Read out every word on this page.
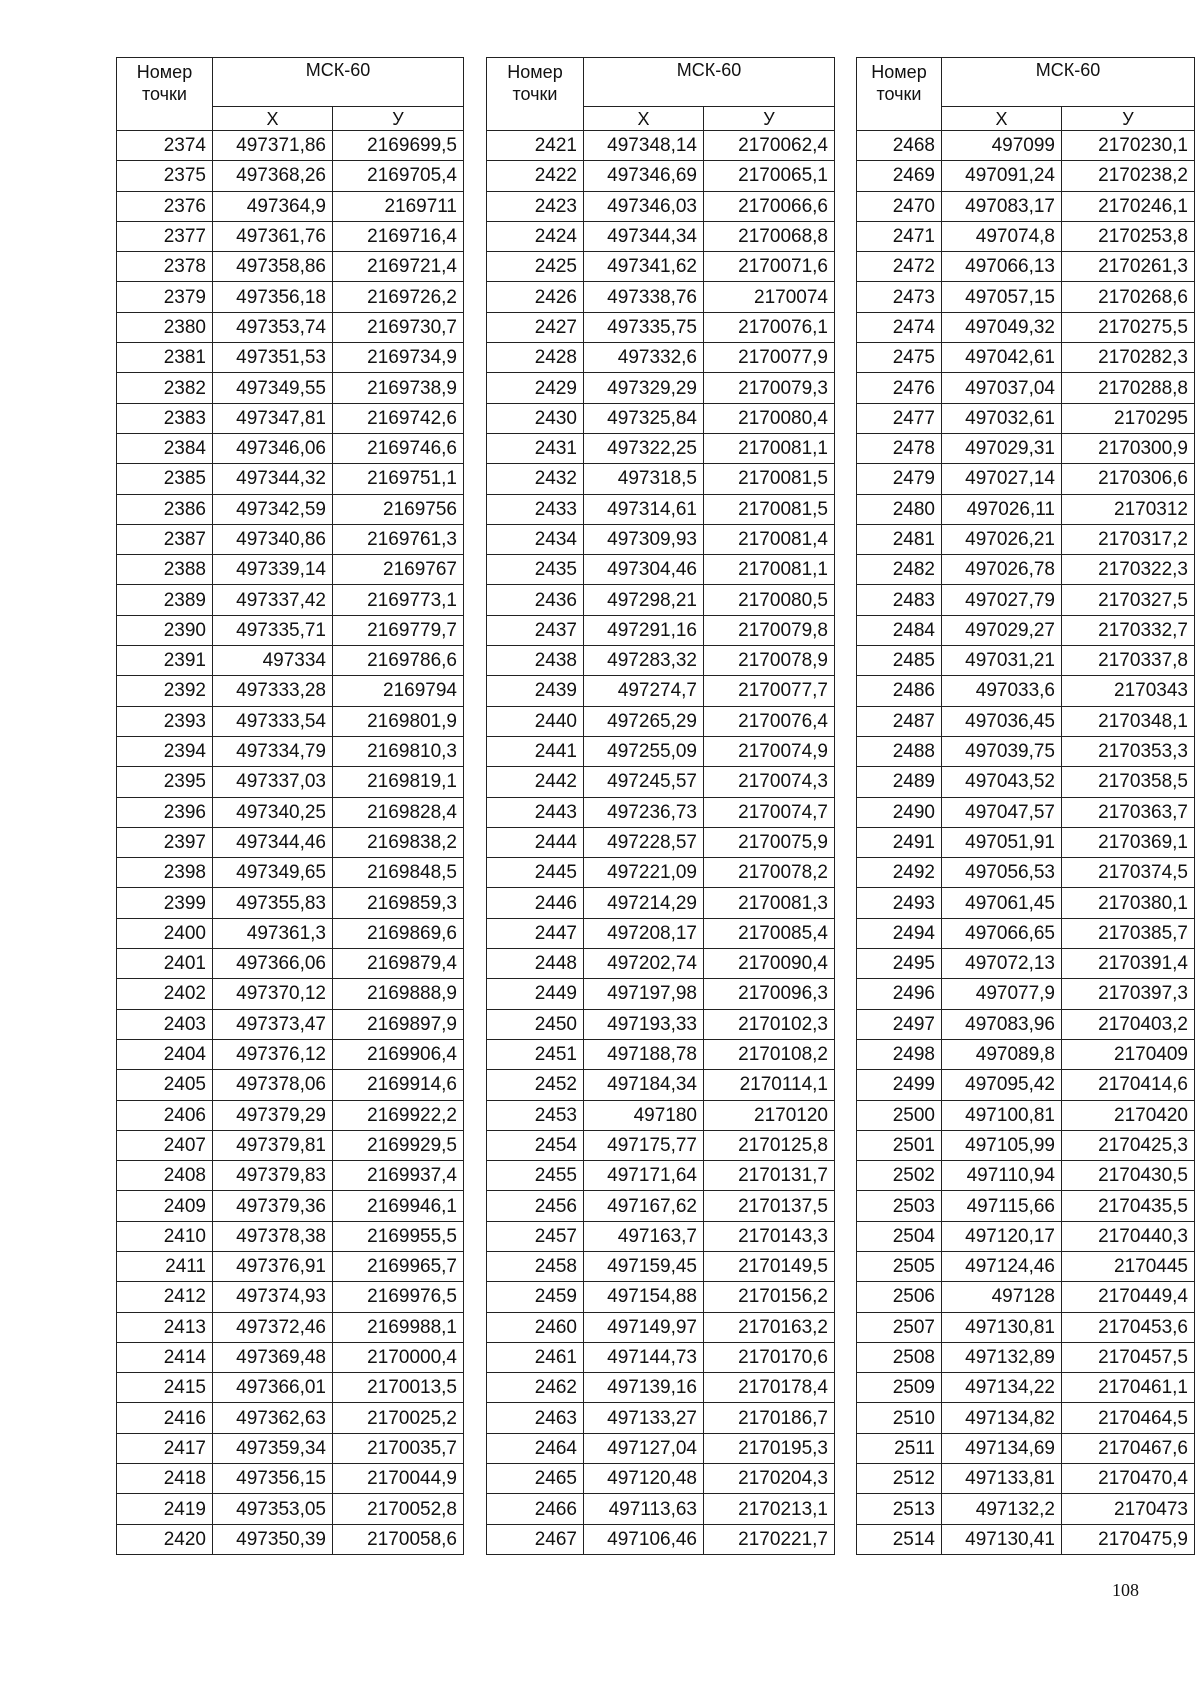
Номер точки	МСК-60	
	Х	У
2374	497371,86	2169699,5
2375	497368,26	2169705,4
2376	497364,9	2169711
2377	497361,76	2169716,4
2378	497358,86	2169721,4
2379	497356,18	2169726,2
2380	497353,74	2169730,7
2381	497351,53	2169734,9
2382	497349,55	2169738,9
2383	497347,81	2169742,6
2384	497346,06	2169746,6
2385	497344,32	2169751,1
2386	497342,59	2169756
2387	497340,86	2169761,3
2388	497339,14	2169767
2389	497337,42	2169773,1
2390	497335,71	2169779,7
2391	497334	2169786,6
2392	497333,28	2169794
2393	497333,54	2169801,9
2394	497334,79	2169810,3
2395	497337,03	2169819,1
2396	497340,25	2169828,4
2397	497344,46	2169838,2
2398	497349,65	2169848,5
2399	497355,83	2169859,3
2400	497361,3	2169869,6
2401	497366,06	2169879,4
2402	497370,12	2169888,9
2403	497373,47	2169897,9
2404	497376,12	2169906,4
2405	497378,06	2169914,6
2406	497379,29	2169922,2
2407	497379,81	2169929,5
2408	497379,83	2169937,4
2409	497379,36	2169946,1
2410	497378,38	2169955,5
2411	497376,91	2169965,7
2412	497374,93	2169976,5
2413	497372,46	2169988,1
2414	497369,48	2170000,4
2415	497366,01	2170013,5
2416	497362,63	2170025,2
2417	497359,34	2170035,7
2418	497356,15	2170044,9
2419	497353,05	2170052,8
2420	497350,39	2170058,6
Номер точки	МСК-60	
	Х	У
2421	497348,14	2170062,4
2422	497346,69	2170065,1
2423	497346,03	2170066,6
2424	497344,34	2170068,8
2425	497341,62	2170071,6
2426	497338,76	2170074
2427	497335,75	2170076,1
2428	497332,6	2170077,9
2429	497329,29	2170079,3
2430	497325,84	2170080,4
2431	497322,25	2170081,1
2432	497318,5	2170081,5
2433	497314,61	2170081,5
2434	497309,93	2170081,4
2435	497304,46	2170081,1
2436	497298,21	2170080,5
2437	497291,16	2170079,8
2438	497283,32	2170078,9
2439	497274,7	2170077,7
2440	497265,29	2170076,4
2441	497255,09	2170074,9
2442	497245,57	2170074,3
2443	497236,73	2170074,7
2444	497228,57	2170075,9
2445	497221,09	2170078,2
2446	497214,29	2170081,3
2447	497208,17	2170085,4
2448	497202,74	2170090,4
2449	497197,98	2170096,3
2450	497193,33	2170102,3
2451	497188,78	2170108,2
2452	497184,34	2170114,1
2453	497180	2170120
2454	497175,77	2170125,8
2455	497171,64	2170131,7
2456	497167,62	2170137,5
2457	497163,7	2170143,3
2458	497159,45	2170149,5
2459	497154,88	2170156,2
2460	497149,97	2170163,2
2461	497144,73	2170170,6
2462	497139,16	2170178,4
2463	497133,27	2170186,7
2464	497127,04	2170195,3
2465	497120,48	2170204,3
2466	497113,63	2170213,1
2467	497106,46	2170221,7
Номер точки	МСК-60	
	Х	У
2468	497099	2170230,1
2469	497091,24	2170238,2
2470	497083,17	2170246,1
2471	497074,8	2170253,8
2472	497066,13	2170261,3
2473	497057,15	2170268,6
2474	497049,32	2170275,5
2475	497042,61	2170282,3
2476	497037,04	2170288,8
2477	497032,61	2170295
2478	497029,31	2170300,9
2479	497027,14	2170306,6
2480	497026,11	2170312
2481	497026,21	2170317,2
2482	497026,78	2170322,3
2483	497027,79	2170327,5
2484	497029,27	2170332,7
2485	497031,21	2170337,8
2486	497033,6	2170343
2487	497036,45	2170348,1
2488	497039,75	2170353,3
2489	497043,52	2170358,5
2490	497047,57	2170363,7
2491	497051,91	2170369,1
2492	497056,53	2170374,5
2493	497061,45	2170380,1
2494	497066,65	2170385,7
2495	497072,13	2170391,4
2496	497077,9	2170397,3
2497	497083,96	2170403,2
2498	497089,8	2170409
2499	497095,42	2170414,6
2500	497100,81	2170420
2501	497105,99	2170425,3
2502	497110,94	2170430,5
2503	497115,66	2170435,5
2504	497120,17	2170440,3
2505	497124,46	2170445
2506	497128	2170449,4
2507	497130,81	2170453,6
2508	497132,89	2170457,5
2509	497134,22	2170461,1
2510	497134,82	2170464,5
2511	497134,69	2170467,6
2512	497133,81	2170470,4
2513	497132,2	2170473
2514	497130,41	2170475,9
108
